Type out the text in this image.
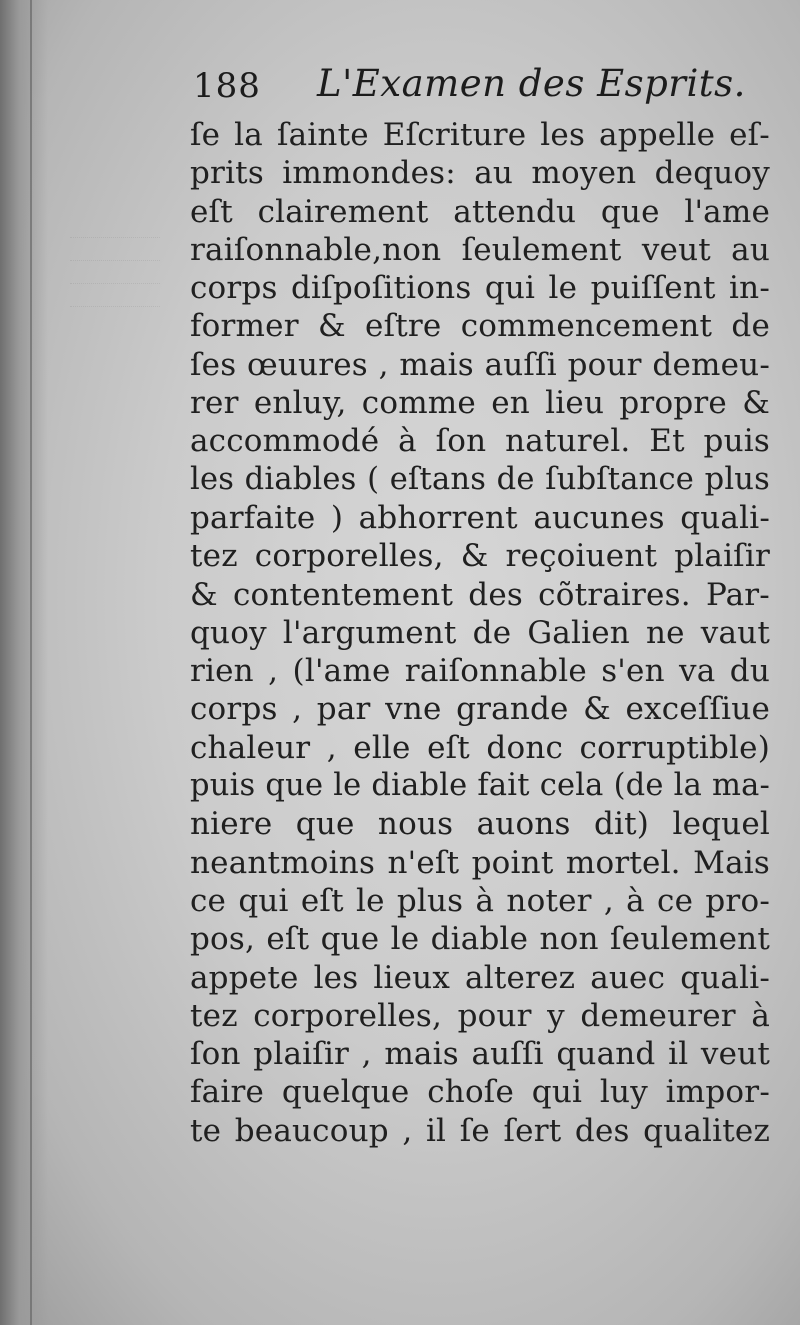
188 L'Examen des Esprits.
ſe la ſainte Eſcriture les appelle eſ-
prits immondes: au moyen dequoy
eſt clairement attendu que l'ame
raiſonnable,non ſeulement veut au
corps diſpoſitions qui le puiſſent in-
former & eſtre commencement de
ſes œuures , mais auſſi pour demeu-
rer enluy, comme en lieu propre &
accommodé à ſon naturel. Et puis
les diables ( eſtans de ſubſtance plus
parfaite ) abhorrent aucunes quali-
tez corporelles, & reçoiuent plaiſir
& contentement des cõtraires. Par-
quoy l'argument de Galien ne vaut
rien , (l'ame raiſonnable s'en va du
corps , par vne grande & exceſſiue
chaleur , elle eſt donc corruptible)
puis que le diable fait cela (de la ma-
niere que nous auons dit) lequel
neantmoins n'eſt point mortel. Mais
ce qui eſt le plus à noter , à ce pro-
pos, eſt que le diable non ſeulement
appete les lieux alterez auec quali-
tez corporelles, pour y demeurer à
ſon plaiſir , mais auſſi quand il veut
faire quelque choſe qui luy impor-
te beaucoup , il ſe ſert des qualitez
